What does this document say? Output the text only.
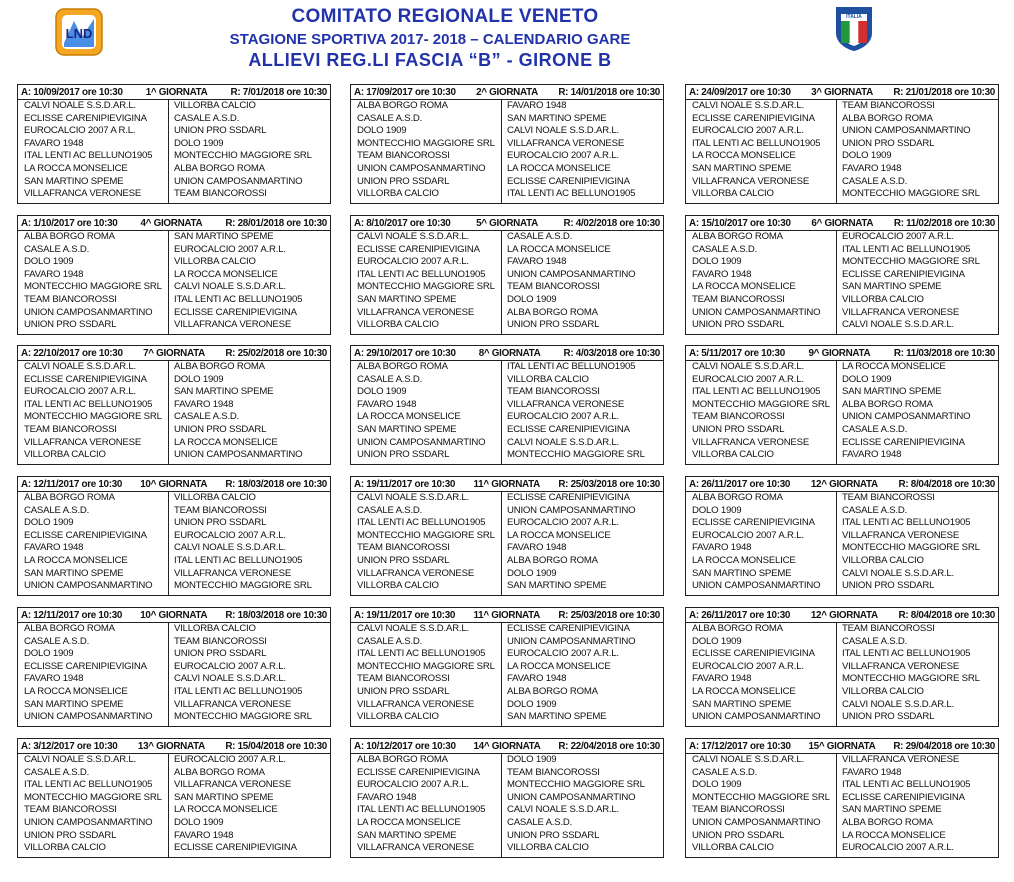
LND
COMITATO REGIONALE VENETO
STAGIONE SPORTIVA 2017- 2018 – CALENDARIO GARE
ALLIEVI REG.LI FASCIA “B” - GIRONE B
ITALIA
A: 10/09/2017 ore 10:30	1^ GIORNATA	R: 7/01/2018 ore 10:30
CALVI NOALE S.S.D.AR.L.	VILLORBA CALCIO
ECLISSE CARENIPIEVIGINA	CASALE A.S.D.
EUROCALCIO 2007 A R.L.	UNION PRO SSDARL
FAVARO 1948	DOLO 1909
ITAL LENTI AC BELLUNO1905	MONTECCHIO MAGGIORE SRL
LA ROCCA MONSELICE	ALBA BORGO ROMA
SAN MARTINO SPEME	UNION CAMPOSANMARTINO
VILLAFRANCA VERONESE	TEAM BIANCOROSSI
A: 17/09/2017 ore 10:30	2^ GIORNATA	R: 14/01/2018 ore 10:30
ALBA BORGO ROMA	FAVARO 1948
CASALE A.S.D.	SAN MARTINO SPEME
DOLO 1909	CALVI NOALE S.S.D.AR.L.
MONTECCHIO MAGGIORE SRL	VILLAFRANCA VERONESE
TEAM BIANCOROSSI	EUROCALCIO 2007 A.R.L.
UNION CAMPOSANMARTINO	LA ROCCA MONSELICE
UNION PRO SSDARL	ECLISSE CARENIPIEVIGINA
VILLORBA CALCIO	ITAL LENTI AC BELLUNO1905
A: 24/09/2017 ore 10:30	3^ GIORNATA	R: 21/01/2018 ore 10:30
CALVI NOALE S.S.D.AR.L.	TEAM BIANCOROSSI
ECLISSE CARENIPIEVIGINA	ALBA BORGO ROMA
EUROCALCIO 2007 A.R.L.	UNION CAMPOSANMARTINO
ITAL LENTI AC BELLUNO1905	UNION PRO SSDARL
LA ROCCA MONSELICE	DOLO 1909
SAN MARTINO SPEME	FAVARO 1948
VILLAFRANCA VERONESE	CASALE A.S.D.
VILLORBA CALCIO	MONTECCHIO MAGGIORE SRL
A: 1/10/2017 ore 10:30	4^ GIORNATA	R: 28/01/2018 ore 10:30
ALBA BORGO ROMA	SAN MARTINO SPEME
CASALE A.S.D.	EUROCALCIO 2007 A.R.L.
DOLO 1909	VILLORBA CALCIO
FAVARO 1948	LA ROCCA MONSELICE
MONTECCHIO MAGGIORE SRL	CALVI NOALE S.S.D.AR.L.
TEAM BIANCOROSSI	ITAL LENTI AC BELLUNO1905
UNION CAMPOSANMARTINO	ECLISSE CARENIPIEVIGINA
UNION PRO SSDARL	VILLAFRANCA VERONESE
A: 8/10/2017 ore 10:30	5^ GIORNATA	R: 4/02/2018 ore 10:30
CALVI NOALE S.S.D.AR.L.	CASALE A.S.D.
ECLISSE CARENIPIEVIGINA	LA ROCCA MONSELICE
EUROCALCIO 2007 A.R.L.	FAVARO 1948
ITAL LENTI AC BELLUNO1905	UNION CAMPOSANMARTINO
MONTECCHIO MAGGIORE SRL	TEAM BIANCOROSSI
SAN MARTINO SPEME	DOLO 1909
VILLAFRANCA VERONESE	ALBA BORGO ROMA
VILLORBA CALCIO	UNION PRO SSDARL
A: 15/10/2017 ore 10:30	6^ GIORNATA	R: 11/02/2018 ore 10:30
ALBA BORGO ROMA	EUROCALCIO 2007 A.R.L.
CASALE A.S.D.	ITAL LENTI AC BELLUNO1905
DOLO 1909	MONTECCHIO MAGGIORE SRL
FAVARO 1948	ECLISSE CARENIPIEVIGINA
LA ROCCA MONSELICE	SAN MARTINO SPEME
TEAM BIANCOROSSI	VILLORBA CALCIO
UNION CAMPOSANMARTINO	VILLAFRANCA VERONESE
UNION PRO SSDARL	CALVI NOALE S.S.D.AR.L.
A: 22/10/2017 ore 10:30	7^ GIORNATA	R: 25/02/2018 ore 10:30
CALVI NOALE S.S.D.AR.L.	ALBA BORGO ROMA
ECLISSE CARENIPIEVIGINA	DOLO 1909
EUROCALCIO 2007 A.R.L.	SAN MARTINO SPEME
ITAL LENTI AC BELLUNO1905	FAVARO 1948
MONTECCHIO MAGGIORE SRL	CASALE A.S.D.
TEAM BIANCOROSSI	UNION PRO SSDARL
VILLAFRANCA VERONESE	LA ROCCA MONSELICE
VILLORBA CALCIO	UNION CAMPOSANMARTINO
A: 29/10/2017 ore 10:30	8^ GIORNATA	R: 4/03/2018 ore 10:30
ALBA BORGO ROMA	ITAL LENTI AC BELLUNO1905
CASALE A.S.D.	VILLORBA CALCIO
DOLO 1909	TEAM BIANCOROSSI
FAVARO 1948	VILLAFRANCA VERONESE
LA ROCCA MONSELICE	EUROCALCIO 2007 A.R.L.
SAN MARTINO SPEME	ECLISSE CARENIPIEVIGINA
UNION CAMPOSANMARTINO	CALVI NOALE S.S.D.AR.L.
UNION PRO SSDARL	MONTECCHIO MAGGIORE SRL
A: 5/11/2017 ore 10:30	9^ GIORNATA	R: 11/03/2018 ore 10:30
CALVI NOALE S.S.D.AR.L.	LA ROCCA MONSELICE
EUROCALCIO 2007 A.R.L.	DOLO 1909
ITAL LENTI AC BELLUNO1905	SAN MARTINO SPEME
MONTECCHIO MAGGIORE SRL	ALBA BORGO ROMA
TEAM BIANCOROSSI	UNION CAMPOSANMARTINO
UNION PRO SSDARL	CASALE A.S.D.
VILLAFRANCA VERONESE	ECLISSE CARENIPIEVIGINA
VILLORBA CALCIO	FAVARO 1948
A: 12/11/2017 ore 10:30	10^ GIORNATA	R: 18/03/2018 ore 10:30
ALBA BORGO ROMA	VILLORBA CALCIO
CASALE A.S.D.	TEAM BIANCOROSSI
DOLO 1909	UNION PRO SSDARL
ECLISSE CARENIPIEVIGINA	EUROCALCIO 2007 A.R.L.
FAVARO 1948	CALVI NOALE S.S.D.AR.L.
LA ROCCA MONSELICE	ITAL LENTI AC BELLUNO1905
SAN MARTINO SPEME	VILLAFRANCA VERONESE
UNION CAMPOSANMARTINO	MONTECCHIO MAGGIORE SRL
A: 19/11/2017 ore 10:30	11^ GIORNATA	R: 25/03/2018 ore 10:30
CALVI NOALE S.S.D.AR.L.	ECLISSE CARENIPIEVIGINA
CASALE A.S.D.	UNION CAMPOSANMARTINO
ITAL LENTI AC BELLUNO1905	EUROCALCIO 2007 A.R.L.
MONTECCHIO MAGGIORE SRL	LA ROCCA MONSELICE
TEAM BIANCOROSSI	FAVARO 1948
UNION PRO SSDARL	ALBA BORGO ROMA
VILLAFRANCA VERONESE	DOLO 1909
VILLORBA CALCIO	SAN MARTINO SPEME
A: 26/11/2017 ore 10:30	12^ GIORNATA	R: 8/04/2018 ore 10:30
ALBA BORGO ROMA	TEAM BIANCOROSSI
DOLO 1909	CASALE A.S.D.
ECLISSE CARENIPIEVIGINA	ITAL LENTI AC BELLUNO1905
EUROCALCIO 2007 A.R.L.	VILLAFRANCA VERONESE
FAVARO 1948	MONTECCHIO MAGGIORE SRL
LA ROCCA MONSELICE	VILLORBA CALCIO
SAN MARTINO SPEME	CALVI NOALE S.S.D.AR.L.
UNION CAMPOSANMARTINO	UNION PRO SSDARL
A: 12/11/2017 ore 10:30	10^ GIORNATA	R: 18/03/2018 ore 10:30
ALBA BORGO ROMA	VILLORBA CALCIO
CASALE A.S.D.	TEAM BIANCOROSSI
DOLO 1909	UNION PRO SSDARL
ECLISSE CARENIPIEVIGINA	EUROCALCIO 2007 A.R.L.
FAVARO 1948	CALVI NOALE S.S.D.AR.L.
LA ROCCA MONSELICE	ITAL LENTI AC BELLUNO1905
SAN MARTINO SPEME	VILLAFRANCA VERONESE
UNION CAMPOSANMARTINO	MONTECCHIO MAGGIORE SRL
A: 19/11/2017 ore 10:30	11^ GIORNATA	R: 25/03/2018 ore 10:30
CALVI NOALE S.S.D.AR.L.	ECLISSE CARENIPIEVIGINA
CASALE A.S.D.	UNION CAMPOSANMARTINO
ITAL LENTI AC BELLUNO1905	EUROCALCIO 2007 A.R.L.
MONTECCHIO MAGGIORE SRL	LA ROCCA MONSELICE
TEAM BIANCOROSSI	FAVARO 1948
UNION PRO SSDARL	ALBA BORGO ROMA
VILLAFRANCA VERONESE	DOLO 1909
VILLORBA CALCIO	SAN MARTINO SPEME
A: 26/11/2017 ore 10:30	12^ GIORNATA	R: 8/04/2018 ore 10:30
ALBA BORGO ROMA	TEAM BIANCOROSSI
DOLO 1909	CASALE A.S.D.
ECLISSE CARENIPIEVIGINA	ITAL LENTI AC BELLUNO1905
EUROCALCIO 2007 A.R.L.	VILLAFRANCA VERONESE
FAVARO 1948	MONTECCHIO MAGGIORE SRL
LA ROCCA MONSELICE	VILLORBA CALCIO
SAN MARTINO SPEME	CALVI NOALE S.S.D.AR.L.
UNION CAMPOSANMARTINO	UNION PRO SSDARL
A: 3/12/2017 ore 10:30	13^ GIORNATA	R: 15/04/2018 ore 10:30
CALVI NOALE S.S.D.AR.L.	EUROCALCIO 2007 A.R.L.
CASALE A.S.D.	ALBA BORGO ROMA
ITAL LENTI AC BELLUNO1905	VILLAFRANCA VERONESE
MONTECCHIO MAGGIORE SRL	SAN MARTINO SPEME
TEAM BIANCOROSSI	LA ROCCA MONSELICE
UNION CAMPOSANMARTINO	DOLO 1909
UNION PRO SSDARL	FAVARO 1948
VILLORBA CALCIO	ECLISSE CARENIPIEVIGINA
A: 10/12/2017 ore 10:30	14^ GIORNATA	R: 22/04/2018 ore 10:30
ALBA BORGO ROMA	DOLO 1909
ECLISSE CARENIPIEVIGINA	TEAM BIANCOROSSI
EUROCALCIO 2007 A.R.L.	MONTECCHIO MAGGIORE SRL
FAVARO 1948	UNION CAMPOSANMARTINO
ITAL LENTI AC BELLUNO1905	CALVI NOALE S.S.D.AR.L.
LA ROCCA MONSELICE	CASALE A.S.D.
SAN MARTINO SPEME	UNION PRO SSDARL
VILLAFRANCA VERONESE	VILLORBA CALCIO
A: 17/12/2017 ore 10:30	15^ GIORNATA	R: 29/04/2018 ore 10:30
CALVI NOALE S.S.D.AR.L.	VILLAFRANCA VERONESE
CASALE A.S.D.	FAVARO 1948
DOLO 1909	ITAL LENTI AC BELLUNO1905
MONTECCHIO MAGGIORE SRL	ECLISSE CARENIPIEVIGINA
TEAM BIANCOROSSI	SAN MARTINO SPEME
UNION CAMPOSANMARTINO	ALBA BORGO ROMA
UNION PRO SSDARL	LA ROCCA MONSELICE
VILLORBA CALCIO	EUROCALCIO 2007 A.R.L.
